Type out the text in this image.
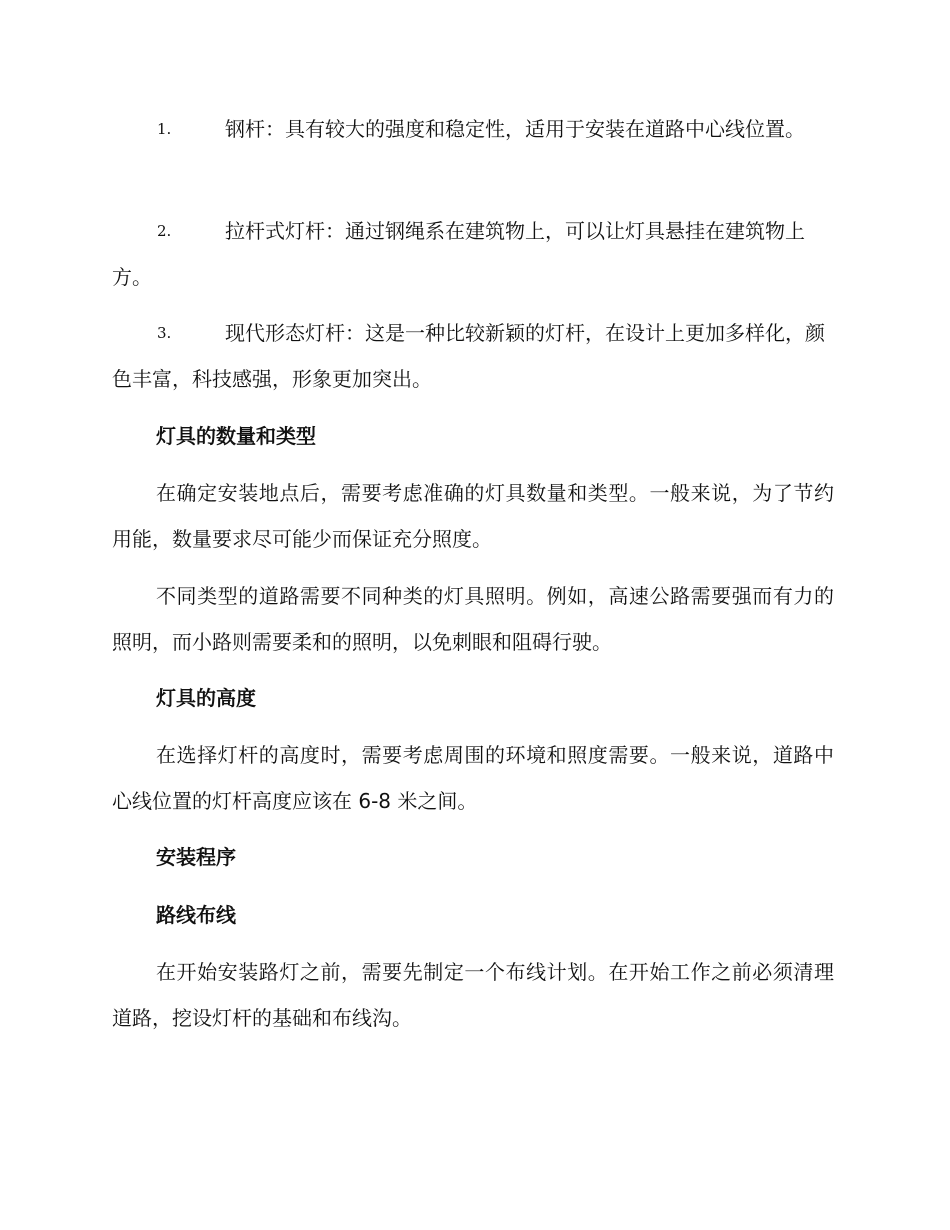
1.	钢杆：具有较大的强度和稳定性，适用于安装在道路中心线位置。
2.	拉杆式灯杆：通过钢绳系在建筑物上，可以让灯具悬挂在建筑物上方。
3.	现代形态灯杆：这是一种比较新颖的灯杆，在设计上更加多样化，颜色丰富，科技感强，形象更加突出。
灯具的数量和类型
在确定安装地点后，需要考虑准确的灯具数量和类型。一般来说，为了节约用能，数量要求尽可能少而保证充分照度。
不同类型的道路需要不同种类的灯具照明。例如，高速公路需要强而有力的照明，而小路则需要柔和的照明，以免刺眼和阻碍行驶。
灯具的高度
在选择灯杆的高度时，需要考虑周围的环境和照度需要。一般来说，道路中心线位置的灯杆高度应该在 6-8 米之间。
安装程序
路线布线
在开始安装路灯之前，需要先制定一个布线计划。在开始工作之前必须清理道路，挖设灯杆的基础和布线沟。
